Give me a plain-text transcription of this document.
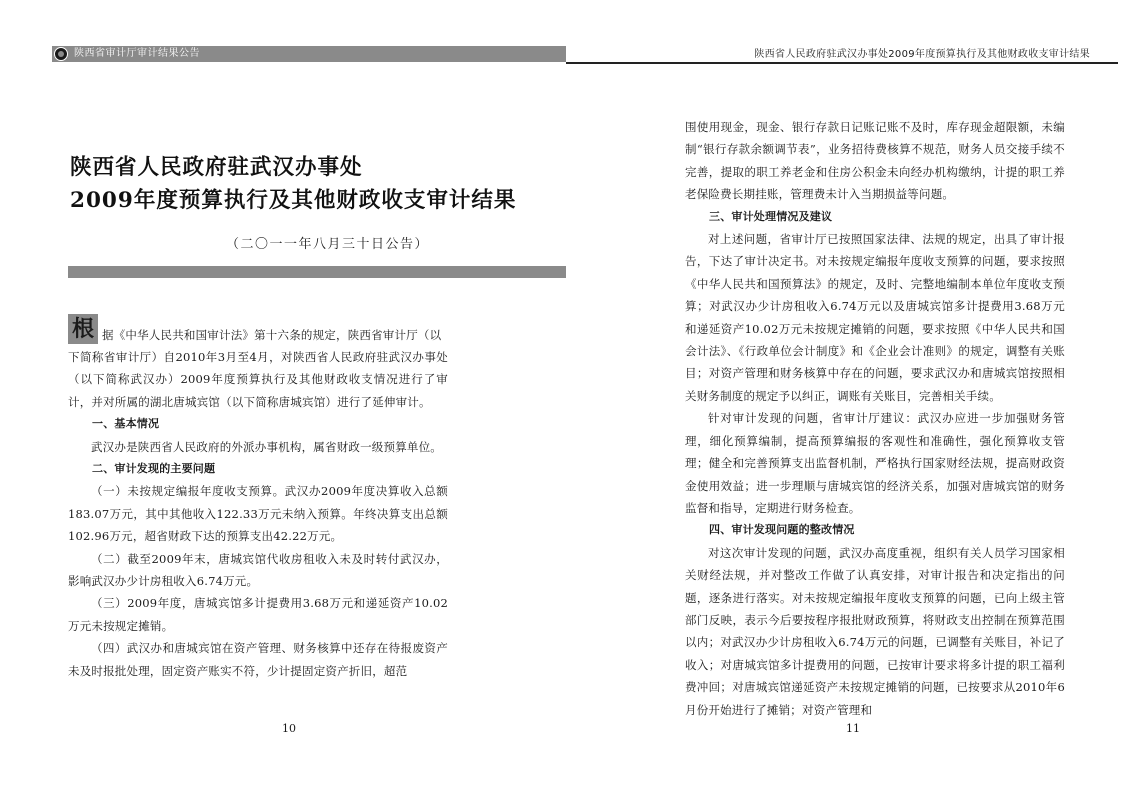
陕西省审计厅审计结果公告
陕西省人民政府驻武汉办事处
2009年度预算执行及其他财政收支审计结果
（二〇一一年八月三十日公告）
根 据《中华人民共和国审计法》第十六条的规定，陕西省审计厅（以

下简称省审计厅）自2010年3月至4月，对陕西省人民政府驻武汉办事处（以下简称武汉办）2009年度预算执行及其他财政收支情况进行了审计，并对所属的湖北唐城宾馆（以下简称唐城宾馆）进行了延伸审计。

一、基本情况

武汉办是陕西省人民政府的外派办事机构，属省财政一级预算单位。

二、审计发现的主要问题

（一）未按规定编报年度收支预算。武汉办2009年度决算收入总额183.07万元，其中其他收入122.33万元未纳入预算。年终决算支出总额102.96万元，超省财政下达的预算支出42.22万元。

（二）截至2009年末，唐城宾馆代收房租收入未及时转付武汉办，影响武汉办少计房租收入6.74万元。

（三）2009年度，唐城宾馆多计提费用3.68万元和递延资产10.02万元未按规定摊销。

（四）武汉办和唐城宾馆在资产管理、财务核算中还存在待报废资产未及时报批处理，固定资产账实不符，少计提固定资产折旧，超范

10
陕西省人民政府驻武汉办事处2009年度预算执行及其他财政收支审计结果

围使用现金，现金、银行存款日记账记账不及时，库存现金超限额，未编制“银行存款余额调节表”，业务招待费核算不规范，财务人员交接手续不完善，提取的职工养老金和住房公积金未向经办机构缴纳，计提的职工养老保险费长期挂账，管理费未计入当期损益等问题。

三、审计处理情况及建议

对上述问题，省审计厅已按照国家法律、法规的规定，出具了审计报告，下达了审计决定书。对未按规定编报年度收支预算的问题，要求按照《中华人民共和国预算法》的规定，及时、完整地编制本单位年度收支预算；对武汉办少计房租收入6.74万元以及唐城宾馆多计提费用3.68万元和递延资产10.02万元未按规定摊销的问题，要求按照《中华人民共和国会计法》、《行政单位会计制度》和《企业会计准则》的规定，调整有关账目；对资产管理和财务核算中存在的问题，要求武汉办和唐城宾馆按照相关财务制度的规定予以纠正，调账有关账目，完善相关手续。

针对审计发现的问题，省审计厅建议：武汉办应进一步加强财务管理，细化预算编制，提高预算编报的客观性和准确性，强化预算收支管理；健全和完善预算支出监督机制，严格执行国家财经法规，提高财政资金使用效益；进一步理顺与唐城宾馆的经济关系，加强对唐城宾馆的财务监督和指导，定期进行财务检查。

四、审计发现问题的整改情况

对这次审计发现的问题，武汉办高度重视，组织有关人员学习国家相关财经法规，并对整改工作做了认真安排，对审计报告和决定指出的问题，逐条进行落实。对未按规定编报年度收支预算的问题，已向上级主管部门反映，表示今后要按程序报批财政预算，将财政支出控制在预算范围以内；对武汉办少计房租收入6.74万元的问题，已调整有关账目，补记了收入；对唐城宾馆多计提费用的问题，已按审计要求将多计提的职工福利费冲回；对唐城宾馆递延资产未按规定摊销的问题，已按要求从2010年6月份开始进行了摊销；对资产管理和

11
